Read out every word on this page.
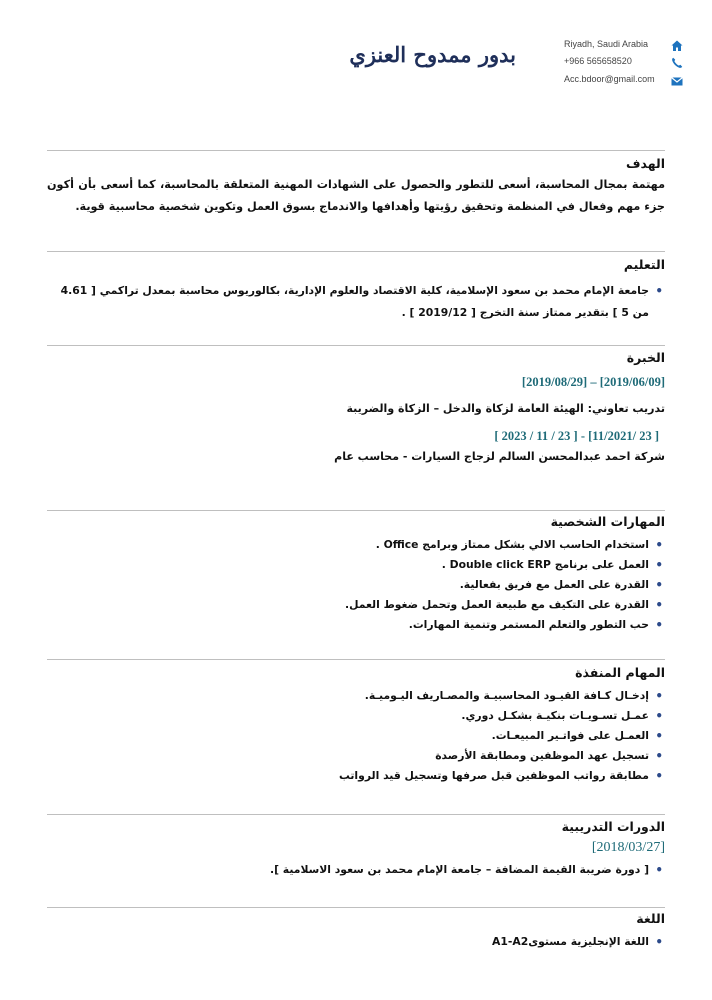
بدور ممدوح العنزي	Riyadh, Saudi Arabia
+966 565658520
Acc.bdoor@gmail.com
الهدف
مهتمة بمجال المحاسبة، أسعى للتطور والحصول على الشهادات المهنية المتعلقة بالمحاسبة، كما أسعى بأن أكون جزء مهم وفعال في المنظمة وتحقيق رؤيتها وأهدافها والاندماج بسوق العمل وتكوين شخصية محاسبية قوية.
التعليم
• جامعة الإمام محمد بن سعود الإسلامية، كلية الاقتصاد والعلوم الإدارية، بكالوريوس محاسبة بمعدل تراكمي [ 4.61 من 5 ] بتقدير ممتاز سنة التخرج [ 2019/12 ] .
الخبرة
[2019/06/09] – [2019/08/29]
تدريب تعاوني: الهيئة العامة لزكاة والدخل – الزكاة والضريبة
[ 23 /11/2021] - [ 23 / 11 / 2023 ]
شركة احمد عبدالمحسن السالم لزجاج السيارات - محاسب عام
المهارات الشخصية
• استخدام الحاسب الالي بشكل ممتاز وبرامج Office .
• العمل على برنامج Double click ERP .
• القدرة على العمل مع فريق بفعالية.
• القدرة على التكيف مع طبيعة العمل وتحمل ضغوط العمل.
• حب التطور والتعلم المستمر وتنمية المهارات.
المهام المنفذة
• إدخـال كـافة القيـود المحاسبيـة والمصـاريف اليـوميـة.
• عمـل تسـويـات بنكيـة بشكـل دوري.
• العمـل على فواتـير المبيعـات.
• تسجيل عهد الموظفين ومطابقة الأرصدة
• مطابقة رواتب الموظفين قبل صرفها وتسجيل قيد الرواتب
الدورات التدريبية
[2018/03/27]
• [ دورة ضريبة القيمة المضافة – جامعة الإمام محمد بن سعود الاسلامية ].
اللغة
• اللغة الإنجليزية مستوىA1-A2
